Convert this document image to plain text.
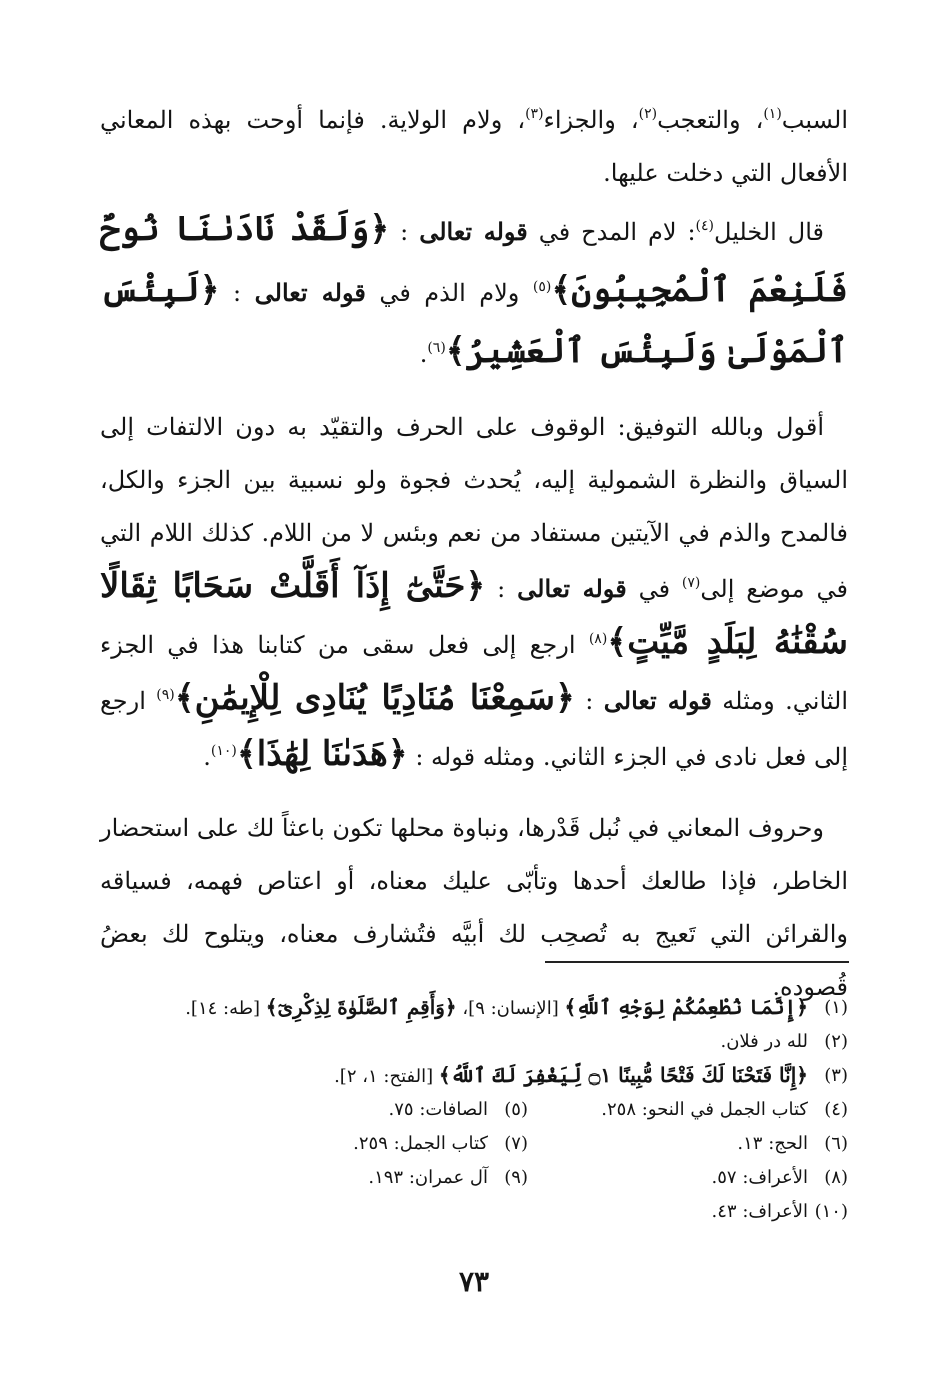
السبب$^{(١)}$، والتعجب$^{(٢)}$، والجزاء$^{(٣)}$، ولام الولاية. فإنما أوحت بهذه المعاني الأفعال التي دخلت عليها.

قال الخليل$^{(٤)}$: لام المدح في قوله تعالى : ﴿وَلَقَدْ نَادَىٰنَا نُوحٌ فَلَنِعْمَ ٱلْمُجِيبُونَ﴾$^{(٥)}$ ولام الذم في قوله تعالى : ﴿لَبِئْسَ ٱلْمَوْلَىٰ وَلَبِئْسَ ٱلْعَشِيرُ﴾$^{(٦)}$.

أقول وبالله التوفيق: الوقوف على الحرف والتقيّد به دون الالتفات إلى السياق والنظرة الشمولية إليه، يُحدث فجوة ولو نسبية بين الجزء والكل، فالمدح والذم في الآيتين مستفاد من نعم وبئس لا من اللام. كذلك اللام التي في موضع إلى$^{(٧)}$ في قوله تعالى : ﴿حَتَّىٰٓ إِذَآ أَقَلَّتْ سَحَابًا ثِقَالًا سُقْنَٰهُ لِبَلَدٍ مَّيِّتٍ﴾$^{(٨)}$ ارجع إلى فعل سقى من كتابنا هذا في الجزء الثاني. ومثله قوله تعالى : ﴿سَمِعْنَا مُنَادِيًا يُنَادِى لِلْإِيمَٰنِ﴾$^{(٩)}$ ارجع إلى فعل نادى في الجزء الثاني. ومثله قوله : ﴿هَدَىٰنَا لِهَٰذَا﴾$^{(١٠)}$.

وحروف المعاني في نُبل قَدْرها، ونباوة محلها تكون باعثاً لك على استحضار الخاطر، فإذا طالعك أحدها وتأبّى عليك معناه، أو اعتاص فهمه، فسياقه والقرائن التي تَعيج به تُصحِب لك أبيَّه فتُشارف معناه، ويتلوح لك بعضُ قُصوده.

(١)
﴿إِنَّمَا نُطْعِمُكُمْ لِوَجْهِ ٱللَّهِ﴾ [الإنسان: ٩]، ﴿وَأَقِمِ ٱلصَّلَوٰةَ لِذِكْرِىٓ﴾ [طه: ١٤].
(٢)
لله در فلان.
(٣)
﴿إِنَّا فَتَحْنَا لَكَ فَتْحًا مُّبِينًا ۝١ لِّيَغْفِرَ لَكَ ٱللَّهُ﴾ [الفتح: ١، ٢].
(٤)
كتاب الجمل في النحو: ٢٥٨.
(٥)
الصافات: ٧٥.
(٦)
الحج: ١٣.
(٧)
كتاب الجمل: ٢٥٩.
(٨)
الأعراف: ٥٧.
(٩)
آل عمران: ١٩٣.
(١٠)
الأعراف: ٤٣.
٧٣
